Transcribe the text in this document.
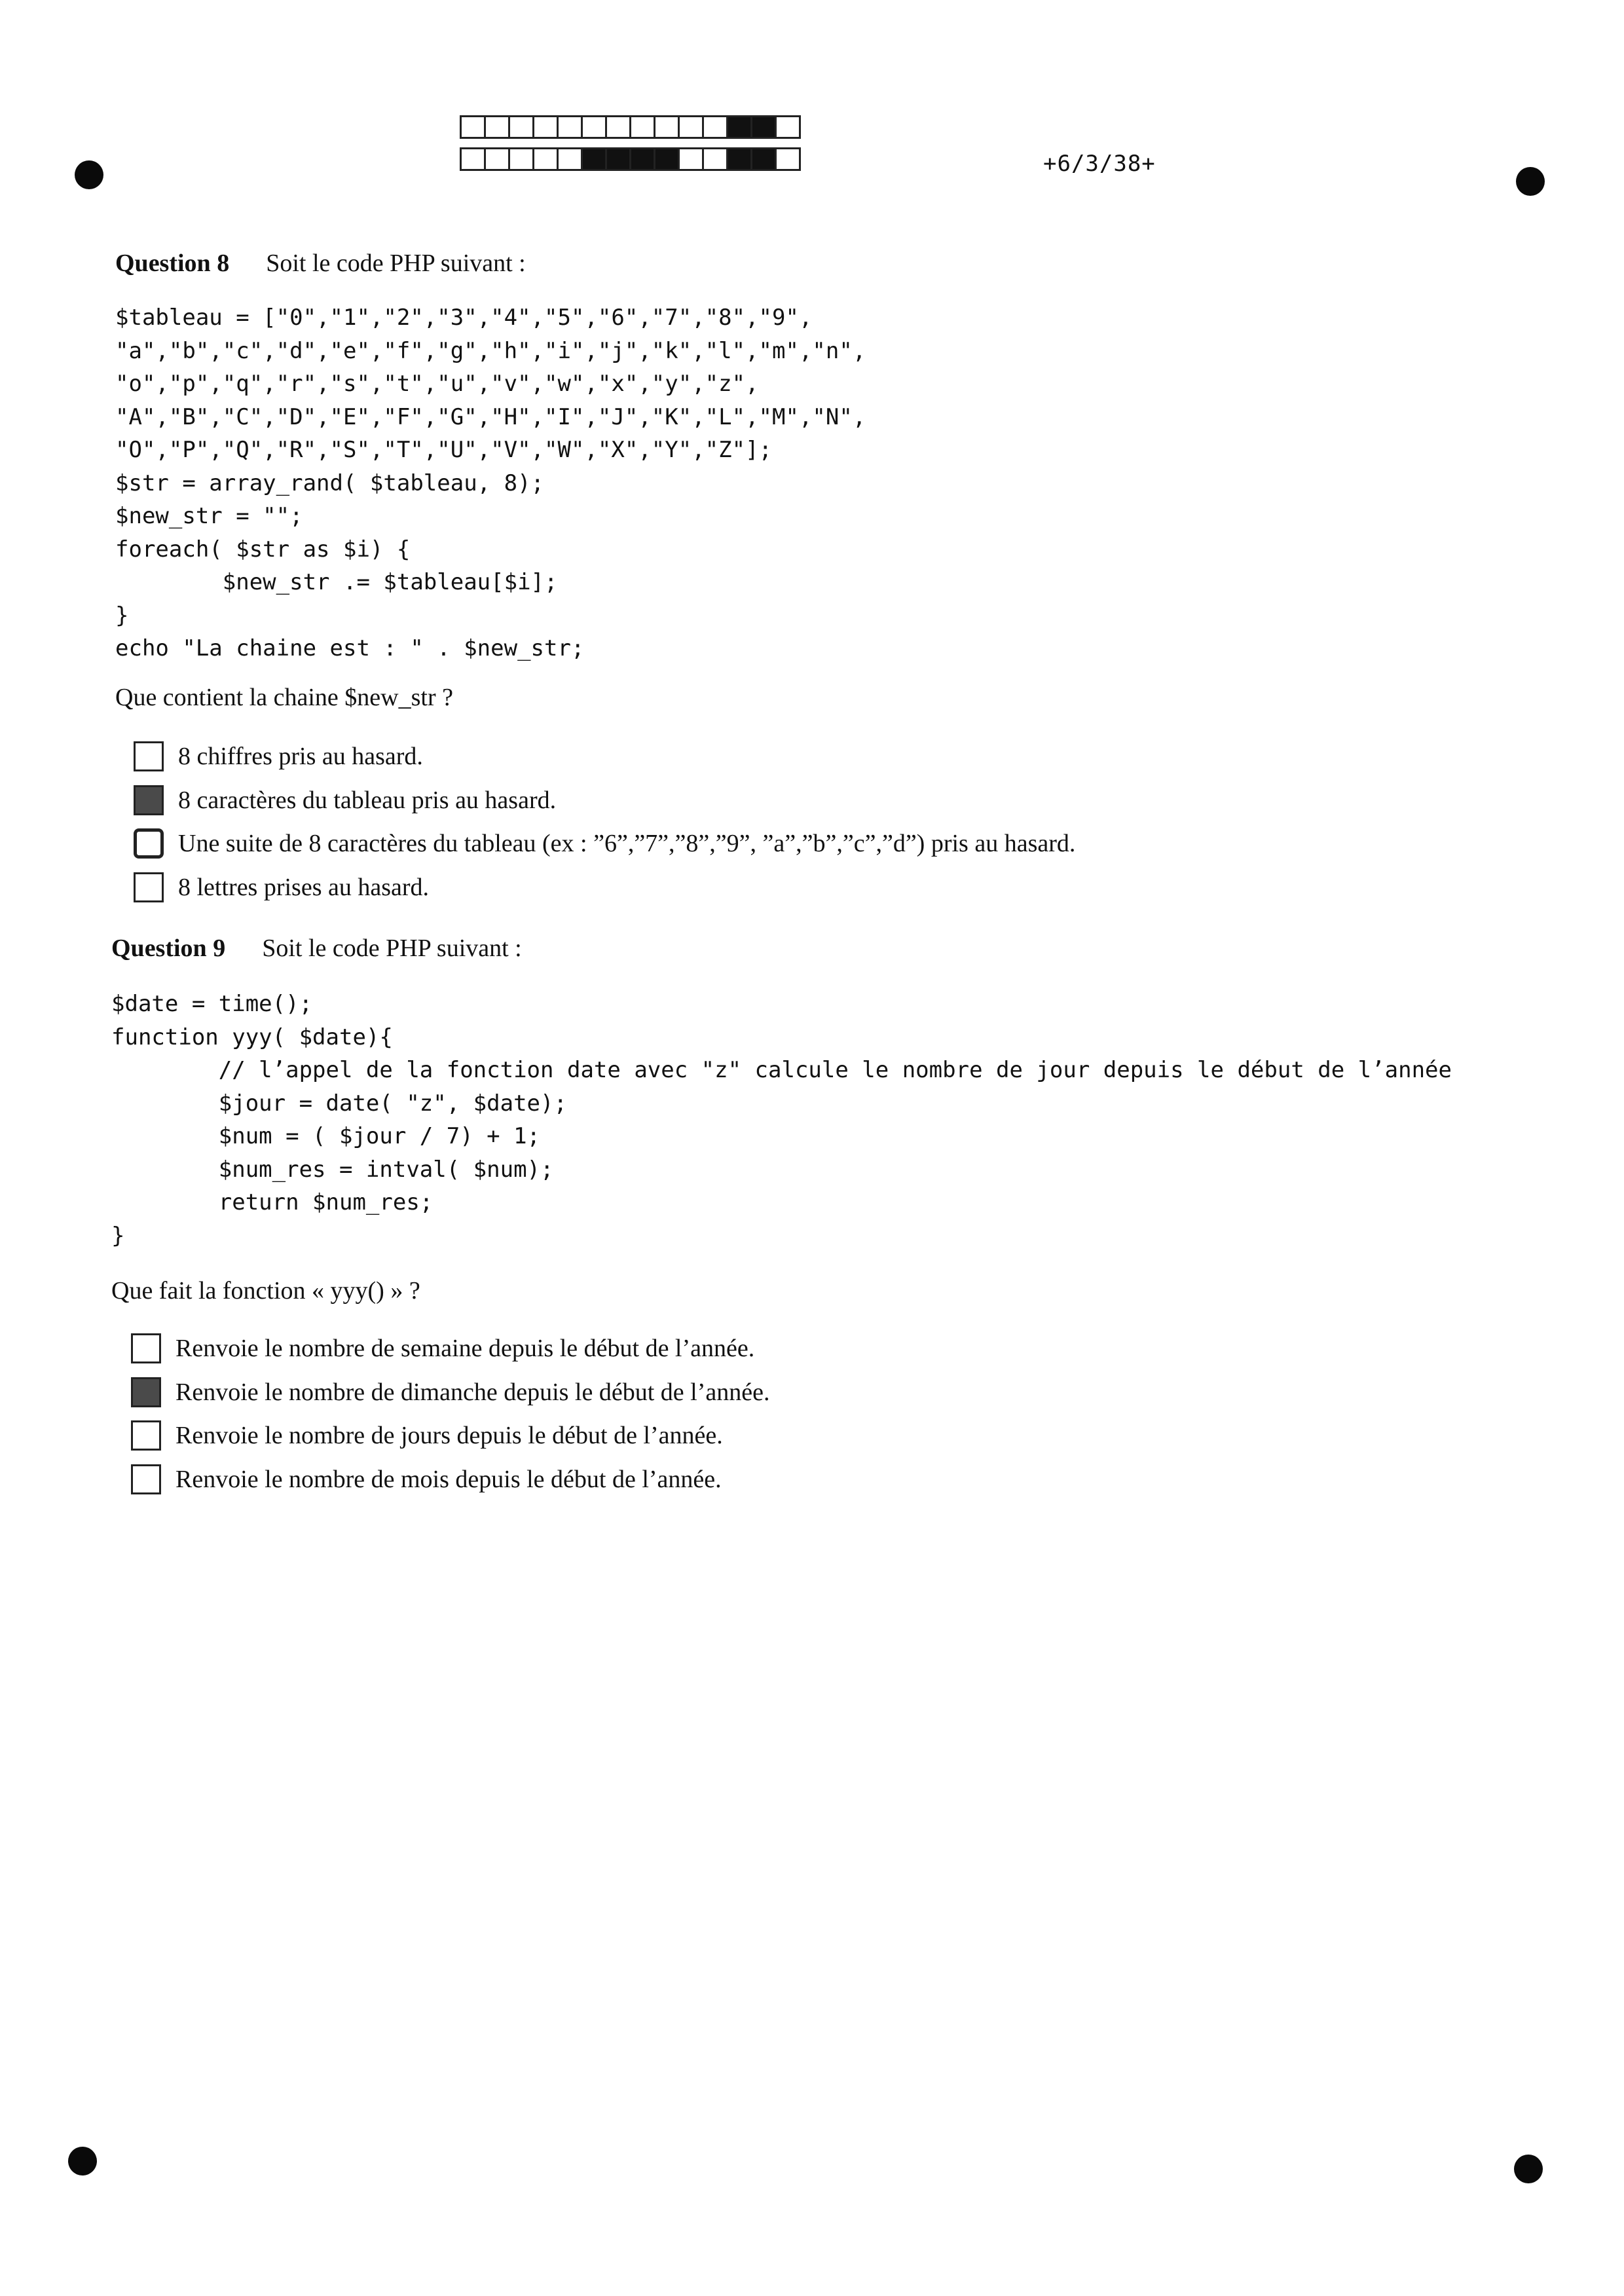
+6/3/38+
Question 8 Soit le code PHP suivant :
$tableau = ["0","1","2","3","4","5","6","7","8","9",
"a","b","c","d","e","f","g","h","i","j","k","l","m","n",
"o","p","q","r","s","t","u","v","w","x","y","z",
"A","B","C","D","E","F","G","H","I","J","K","L","M","N",
"O","P","Q","R","S","T","U","V","W","X","Y","Z"];
$str = array_rand( $tableau, 8);
$new_str = "";
foreach( $str as $i) {
$new_str .= $tableau[$i];
}
echo "La chaine est : " . $new_str;
Que contient la chaine $new_str ?
8 chiffres pris au hasard.
8 caractères du tableau pris au hasard.
Une suite de 8 caractères du tableau (ex : ”6”,”7”,”8”,”9”, ”a”,”b”,”c”,”d”) pris au hasard.
8 lettres prises au hasard.
Question 9 Soit le code PHP suivant :
$date = time();
function yyy( $date){
// l’appel de la fonction date avec "z" calcule le nombre de jour depuis le début de l’année
$jour = date( "z", $date);
$num = ( $jour / 7) + 1;
$num_res = intval( $num);
return $num_res;
}
Que fait la fonction « yyy() » ?
Renvoie le nombre de semaine depuis le début de l’année.
Renvoie le nombre de dimanche depuis le début de l’année.
Renvoie le nombre de jours depuis le début de l’année.
Renvoie le nombre de mois depuis le début de l’année.
